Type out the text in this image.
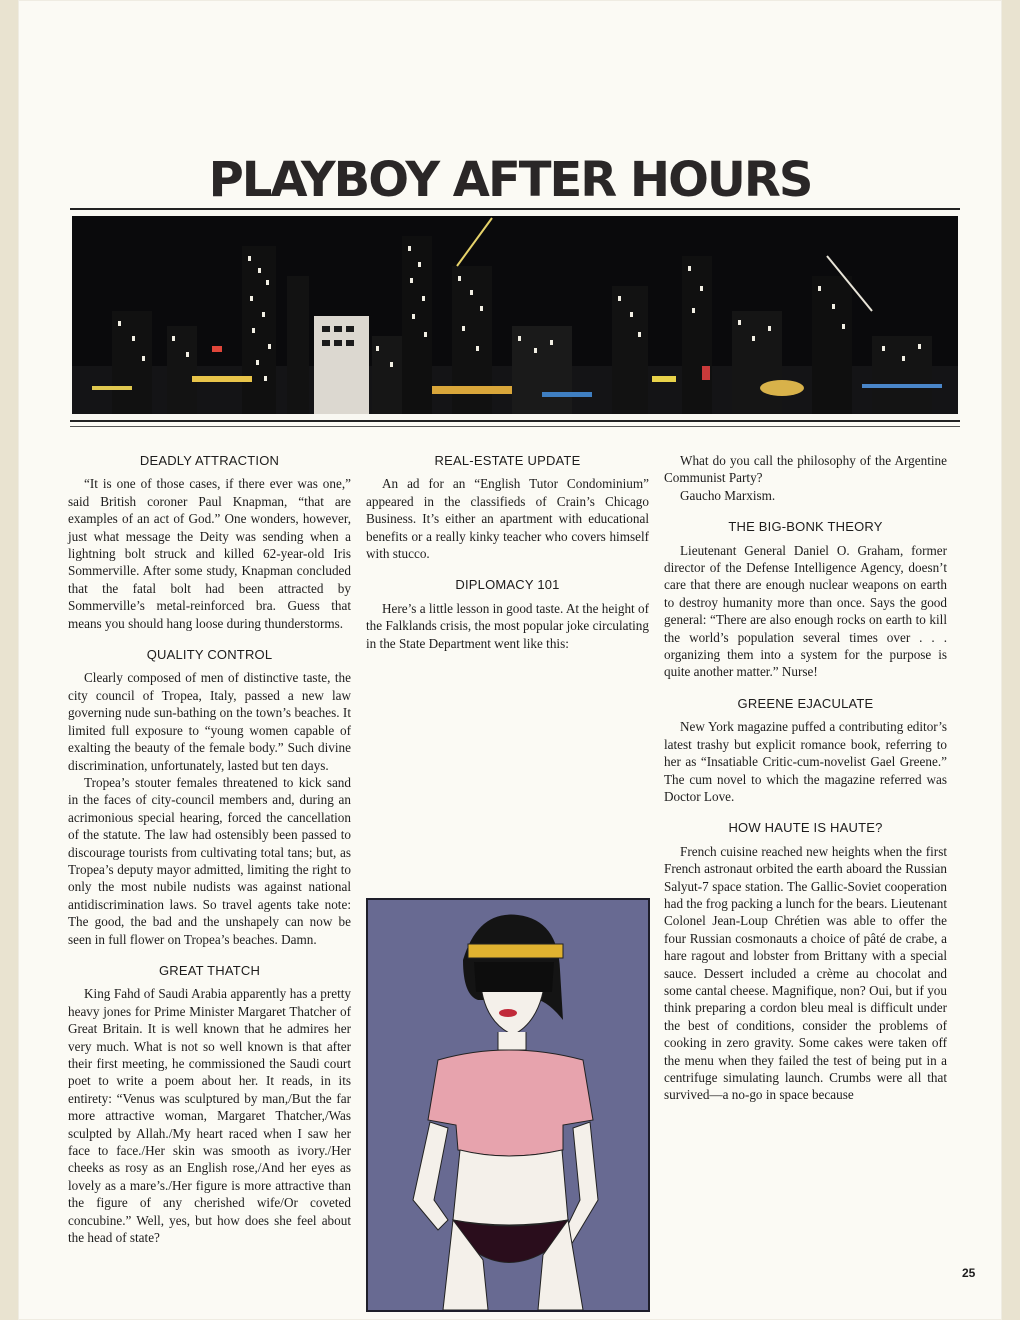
PLAYBOY AFTER HOURS
DEADLY ATTRACTION

“It is one of those cases, if there ever was one,” said British coroner Paul Knapman, “that are examples of an act of God.” One wonders, however, just what message the Deity was sending when a lightning bolt struck and killed 62-year-old Iris Sommerville. After some study, Knapman concluded that the fatal bolt had been attracted by Sommerville’s metal-reinforced bra. Guess that means you should hang loose during thunderstorms.

QUALITY CONTROL

Clearly composed of men of distinctive taste, the city council of Tropea, Italy, passed a new law governing nude sun-bathing on the town’s beaches. It limited full exposure to “young women capable of exalting the beauty of the female body.” Such divine discrimination, unfortunately, lasted but ten days.

Tropea’s stouter females threatened to kick sand in the faces of city-council members and, during an acrimonious special hearing, forced the cancellation of the statute. The law had ostensibly been passed to discourage tourists from cultivating total tans; but, as Tropea’s deputy mayor admitted, limiting the right to only the most nubile nudists was against national antidiscrimination laws. So travel agents take note: The good, the bad and the unshapely can now be seen in full flower on Tropea’s beaches. Damn.

GREAT THATCH

King Fahd of Saudi Arabia apparently has a pretty heavy jones for Prime Minister Margaret Thatcher of Great Britain. It is well known that he admires her very much. What is not so well known is that after their first meeting, he commissioned the Saudi court poet to write a poem about her. It reads, in its entirety: “Venus was sculptured by man,/But the far more attractive woman, Margaret Thatcher,/Was sculpted by Allah./My heart raced when I saw her face to face./Her skin was smooth as ivory./Her cheeks as rosy as an English rose,/And her eyes as lovely as a mare’s./Her figure is more attractive than the figure of any cherished wife/Or coveted concubine.” Well, yes, but how does she feel about the head of state?

REAL-ESTATE UPDATE

An ad for an “English Tutor Condominium” appeared in the classifieds of Crain’s Chicago Business. It’s either an apartment with educational benefits or a really kinky teacher who covers himself with stucco.

DIPLOMACY 101

Here’s a little lesson in good taste. At the height of the Falklands crisis, the most popular joke circulating in the State Department went like this:

What do you call the philosophy of the Argentine Communist Party?

Gaucho Marxism.

THE BIG-BONK THEORY

Lieutenant General Daniel O. Graham, former director of the Defense Intelligence Agency, doesn’t care that there are enough nuclear weapons on earth to destroy humanity more than once. Says the good general: “There are also enough rocks on earth to kill the world’s population several times over . . . organizing them into a system for the purpose is quite another matter.” Nurse!

GREENE EJACULATE

New York magazine puffed a contributing editor’s latest trashy but explicit romance book, referring to her as “Insatiable Critic-cum-novelist Gael Greene.” The cum novel to which the magazine referred was Doctor Love.

HOW HAUTE IS HAUTE?

French cuisine reached new heights when the first French astronaut orbited the earth aboard the Russian Salyut-7 space station. The Gallic-Soviet cooperation had the frog packing a lunch for the bears. Lieutenant Colonel Jean-Loup Chrétien was able to offer the four Russian cosmonauts a choice of pâté de crabe, a hare ragout and lobster from Brittany with a special sauce. Dessert included a crème au chocolat and some cantal cheese. Magnifique, non? Oui, but if you think preparing a cordon bleu meal is difficult under the best of conditions, consider the problems of cooking in zero gravity. Some cakes were taken off the menu when they failed the test of being put in a centrifuge simulating launch. Crumbs were all that survived—a no-go in space because

25
